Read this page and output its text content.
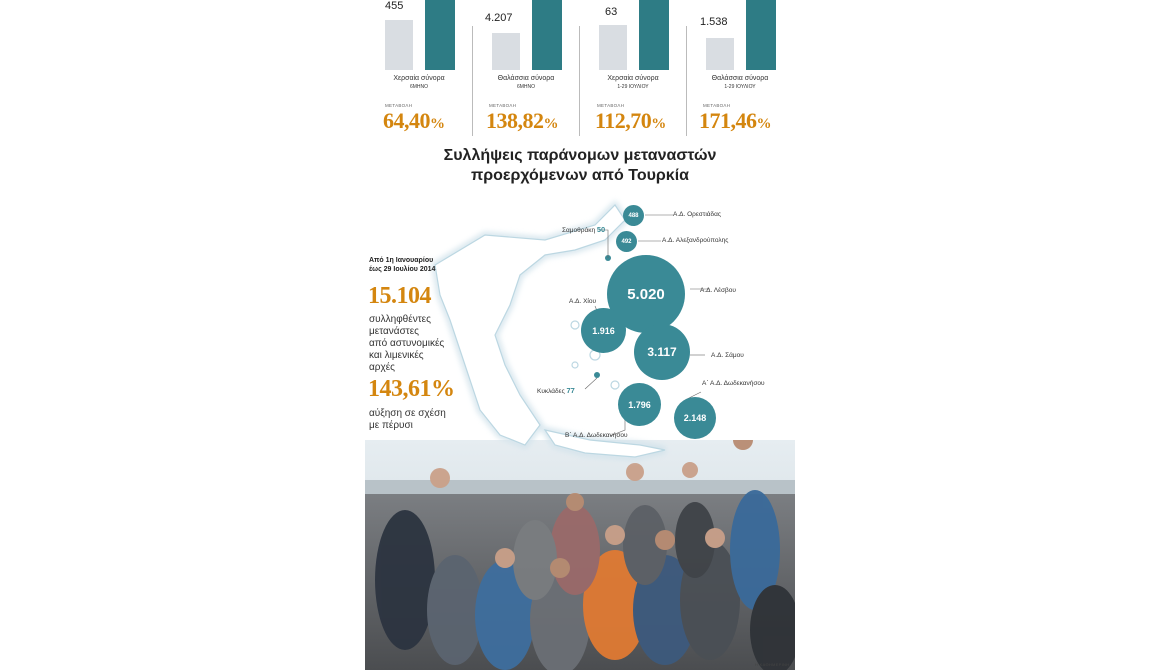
455
4.207	63
1.538
Χερσαία σύνορα
6ΜΗΝΟ
Θαλάσσια σύνορα
6ΜΗΝΟ
Χερσαία σύνορα
1-29 ΙΟΥΛΙΟΥ
Θαλάσσια σύνορα
1-29 ΙΟΥΛΙΟΥ
ΜΕΤΑΒΟΛΗ	ΜΕΤΑΒΟΛΗ	ΜΕΤΑΒΟΛΗ	ΜΕΤΑΒΟΛΗ
64,40% 138,82% 112,70% 171,46%
Συλλήψεις παράνομων μεταναστών
προερχόμενων από Τουρκία
488
492
5.020
1.916
3.117
2.148
1.796
Α.Δ. Ορεστιάδας
Α.Δ. Αλεξανδρούπολης
Α.Δ. Λέσβου
Α.Δ. Χίου
Α.Δ. Σάμου
Α΄ Α.Δ. Δωδεκανήσου
Β΄ Α.Δ. Δωδεκανήσου
Σαμοθράκη 50
Κυκλάδες 77
Από 1η Ιανουαρίου
έως 29 Ιουλίου 2014
15.104
συλληφθέντες
μετανάστες
από αστυνομικές
και λιμενικές
αρχές
143,61%
αύξηση σε σχέση
με πέρυσι
Η ΚΑΘΗΜΕΡΙΝΗ
